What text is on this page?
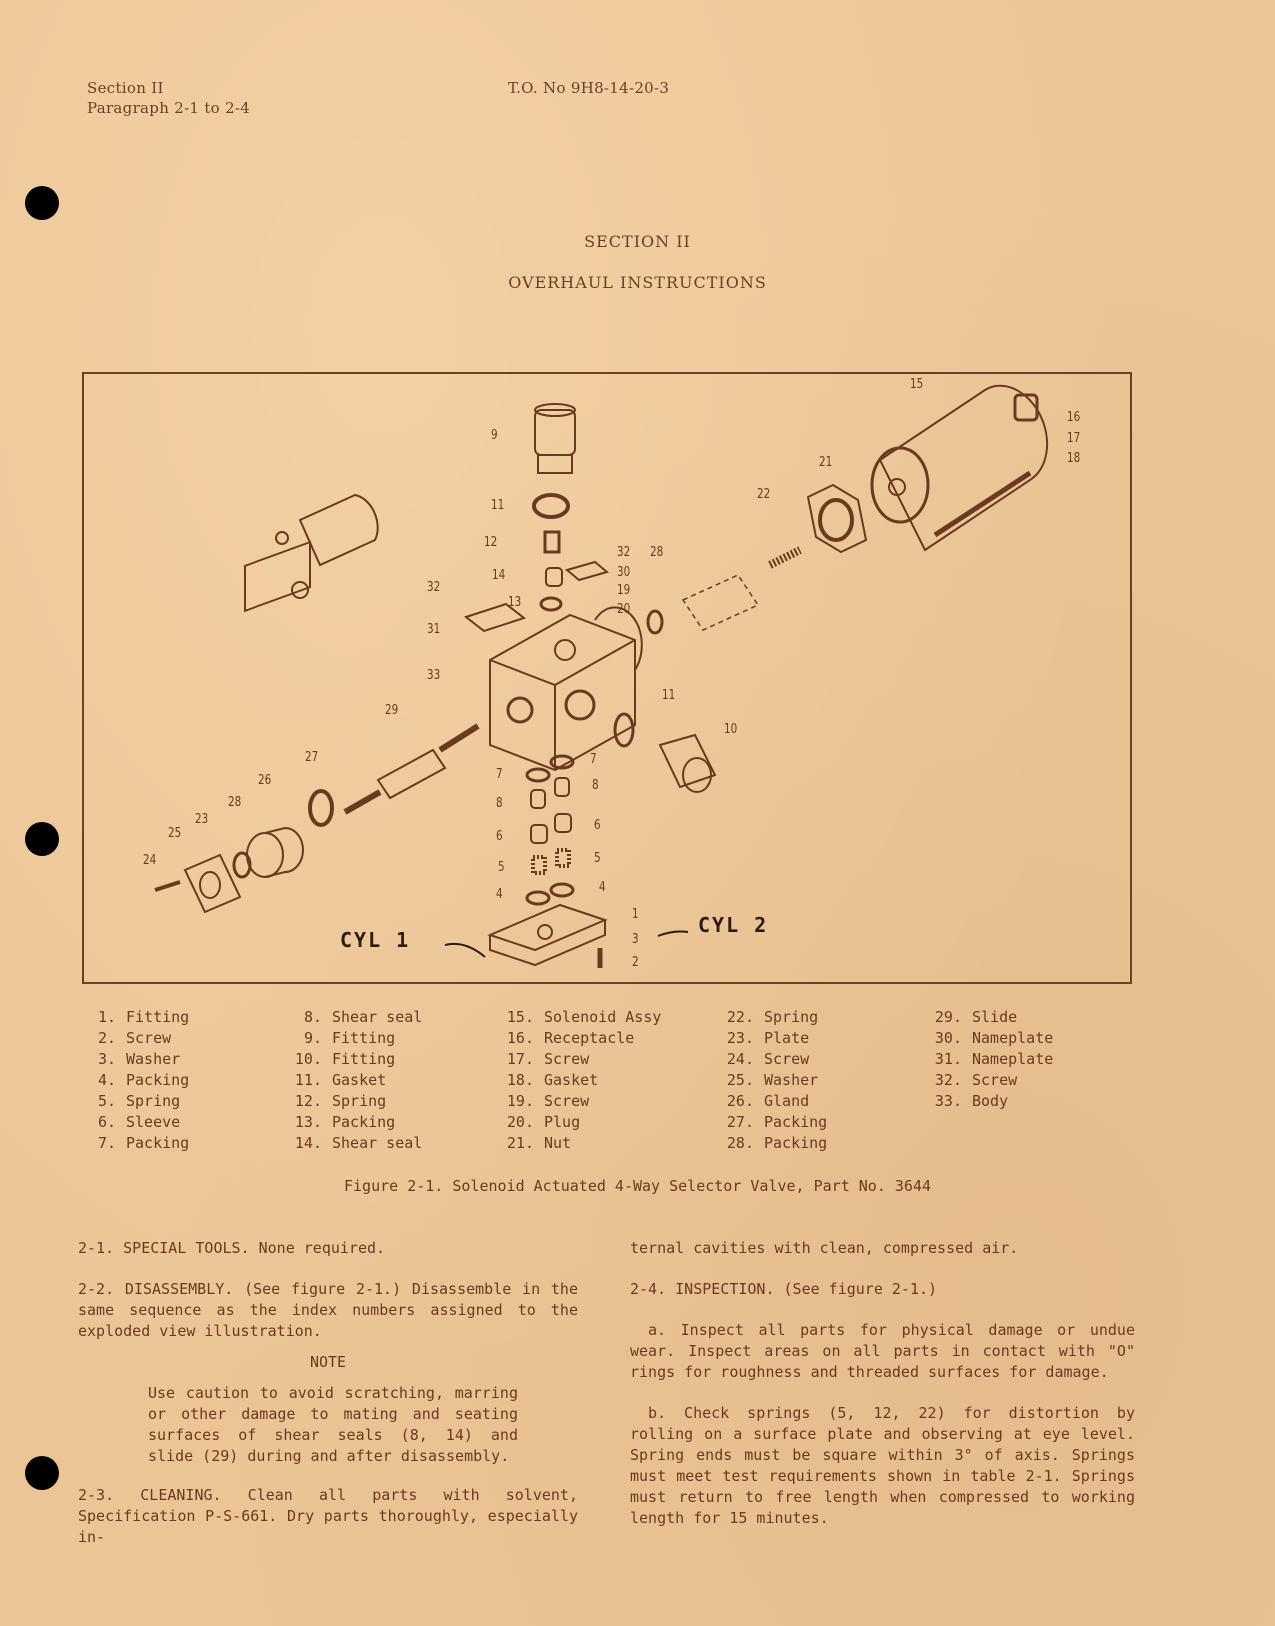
Section II
Paragraph 2-1 to 2-4
T.O. No 9H8-14-20-3
SECTION II
OVERHAUL INSTRUCTIONS
9
11
12
14
13
32
31
33
32 28
30
19
20
11
10
22
21
15
16
17
18
29
27
26
28
23
25
24
7
7
8
8
6
6
5
5
4	4
1
3
2
CYL 1
CYL 2
1. Fitting
2. Screw
3. Washer
4. Packing
5. Spring
6. Sleeve
7. Packing
8. Shear seal
9. Fitting
10. Fitting
11. Gasket
12. Spring
13. Packing
14. Shear seal
15. Solenoid Assy
16. Receptacle
17. Screw
18. Gasket
19. Screw
20. Plug
21. Nut
22. Spring
23. Plate
24. Screw
25. Washer
26. Gland
27. Packing
28. Packing
29. Slide
30. Nameplate
31. Nameplate
32. Screw
33. Body
Figure 2-1. Solenoid Actuated 4-Way Selector Valve, Part No. 3644

2-1. SPECIAL TOOLS. None required.

2-2. DISASSEMBLY. (See figure 2-1.) Disassemble in the same sequence as the index numbers assigned to the exploded view illustration.

NOTE

Use caution to avoid scratching, marring or other damage to mating and seating surfaces of shear seals (8, 14) and slide (29) during and after disassembly.

2-3. CLEANING. Clean all parts with solvent, Specification P-S-661. Dry parts thoroughly, especially in-

ternal cavities with clean, compressed air.

2-4. INSPECTION. (See figure 2-1.)

a. Inspect all parts for physical damage or undue wear. Inspect areas on all parts in contact with "O" rings for roughness and threaded surfaces for damage.

b. Check springs (5, 12, 22) for distortion by rolling on a surface plate and observing at eye level. Spring ends must be square within 3° of axis. Springs must meet test requirements shown in table 2-1. Springs must return to free length when compressed to working length for 15 minutes.
